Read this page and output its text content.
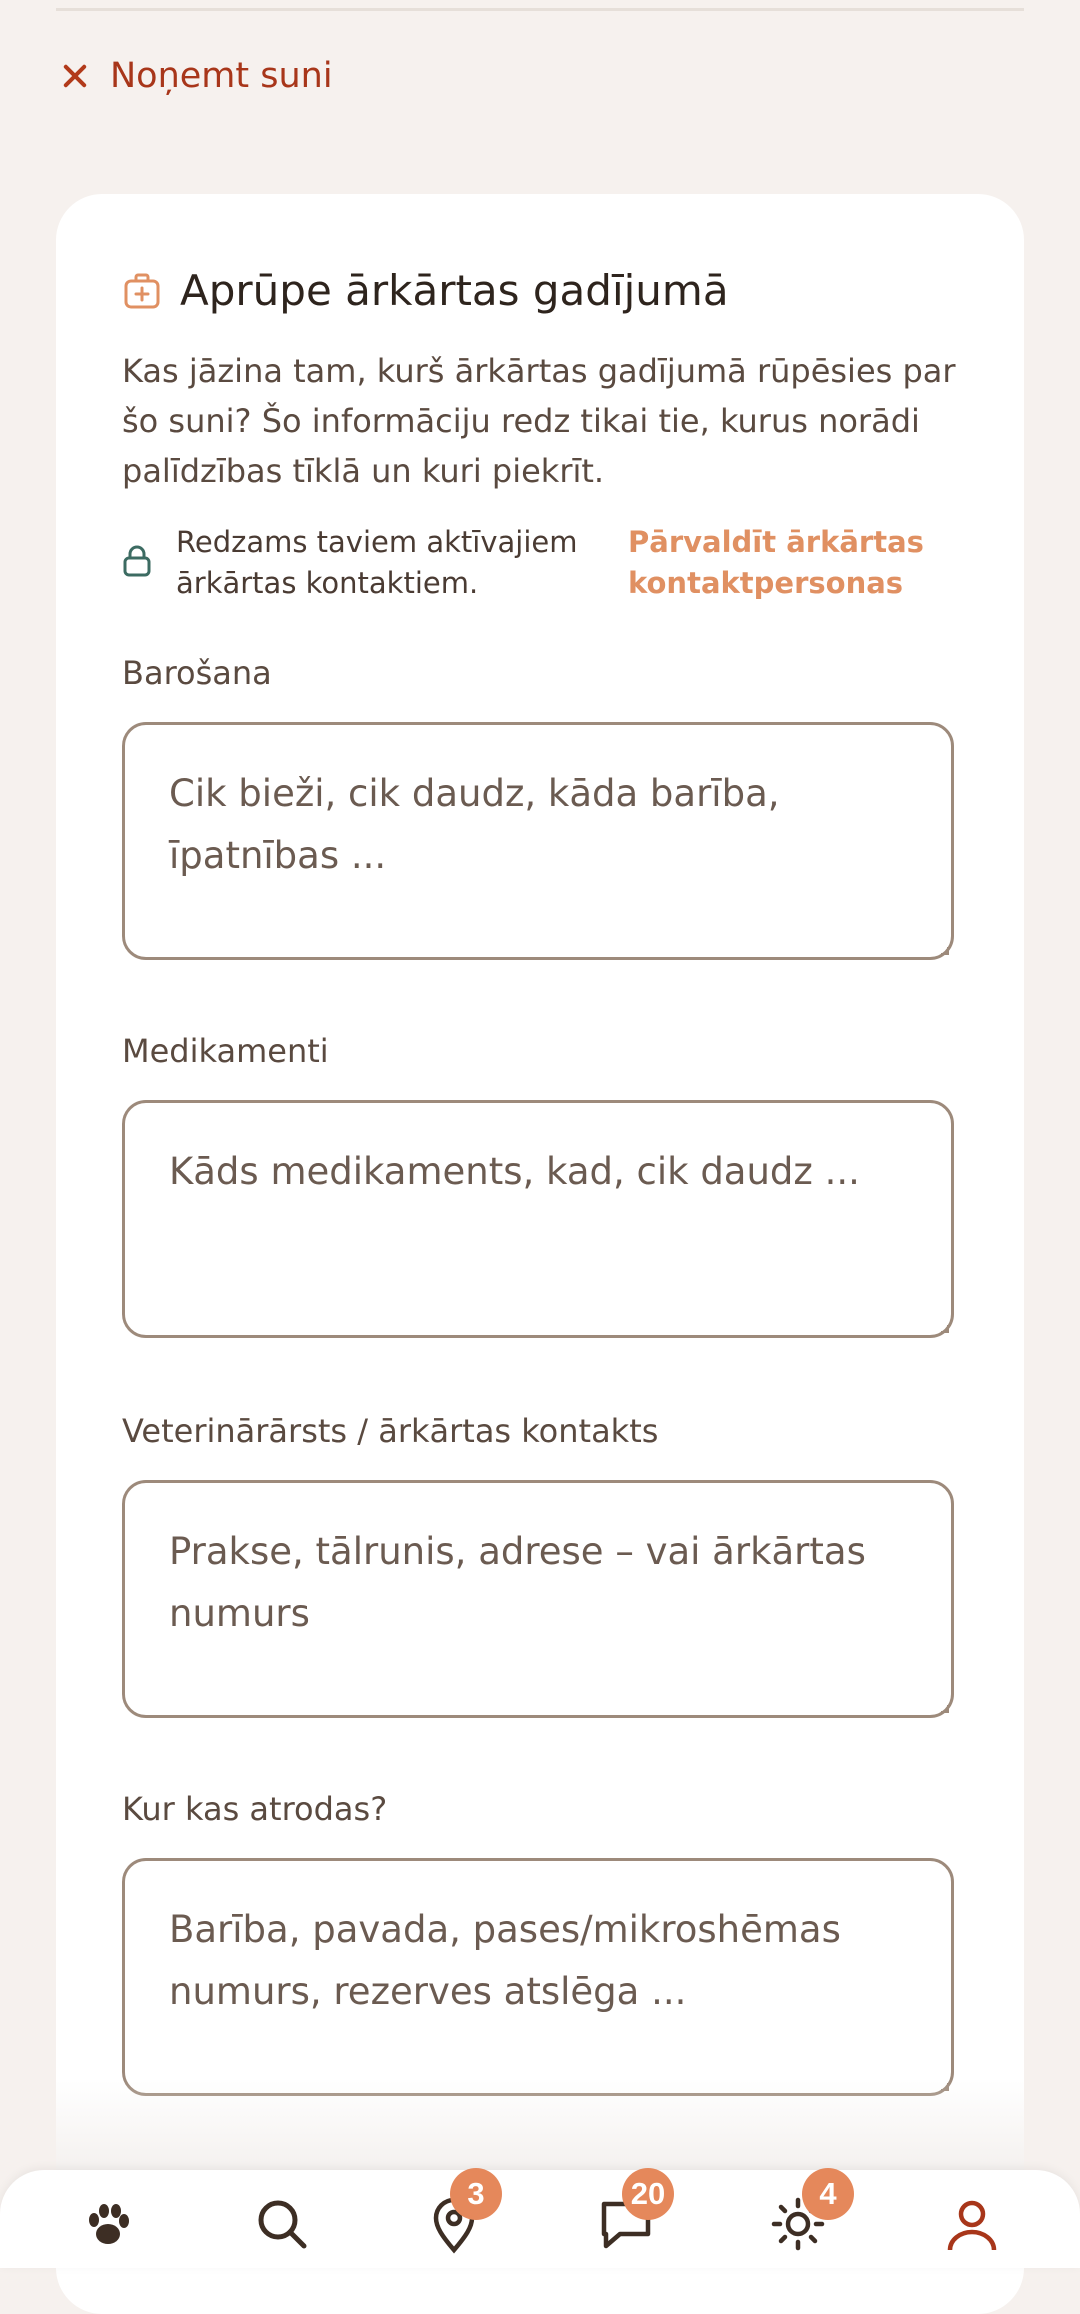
Noņemt suni
Aprūpe ārkārtas gadījumā

Kas jāzina tam, kurš ārkārtas gadījumā rūpēsies par šo suni? Šo informāciju redz tikai tie, kurus norādi palīdzības tīklā un kuri piekrīt.

Redzams taviem aktīvajiem ārkārtas kontaktiem.
Pārvaldīt ārkārtas kontaktpersonas
Barošana
Cik bieži, cik daudz, kāda barība, īpatnības ...
Medikamenti
Kāds medikaments, kad, cik daudz ...
Veterinārārsts / ārkārtas kontakts
Prakse, tālrunis, adrese – vai ārkārtas numurs
Kur kas atrodas?
Barība, pavada, pases/mikroshēmas numurs, rezerves atslēga ...
3	20	4
